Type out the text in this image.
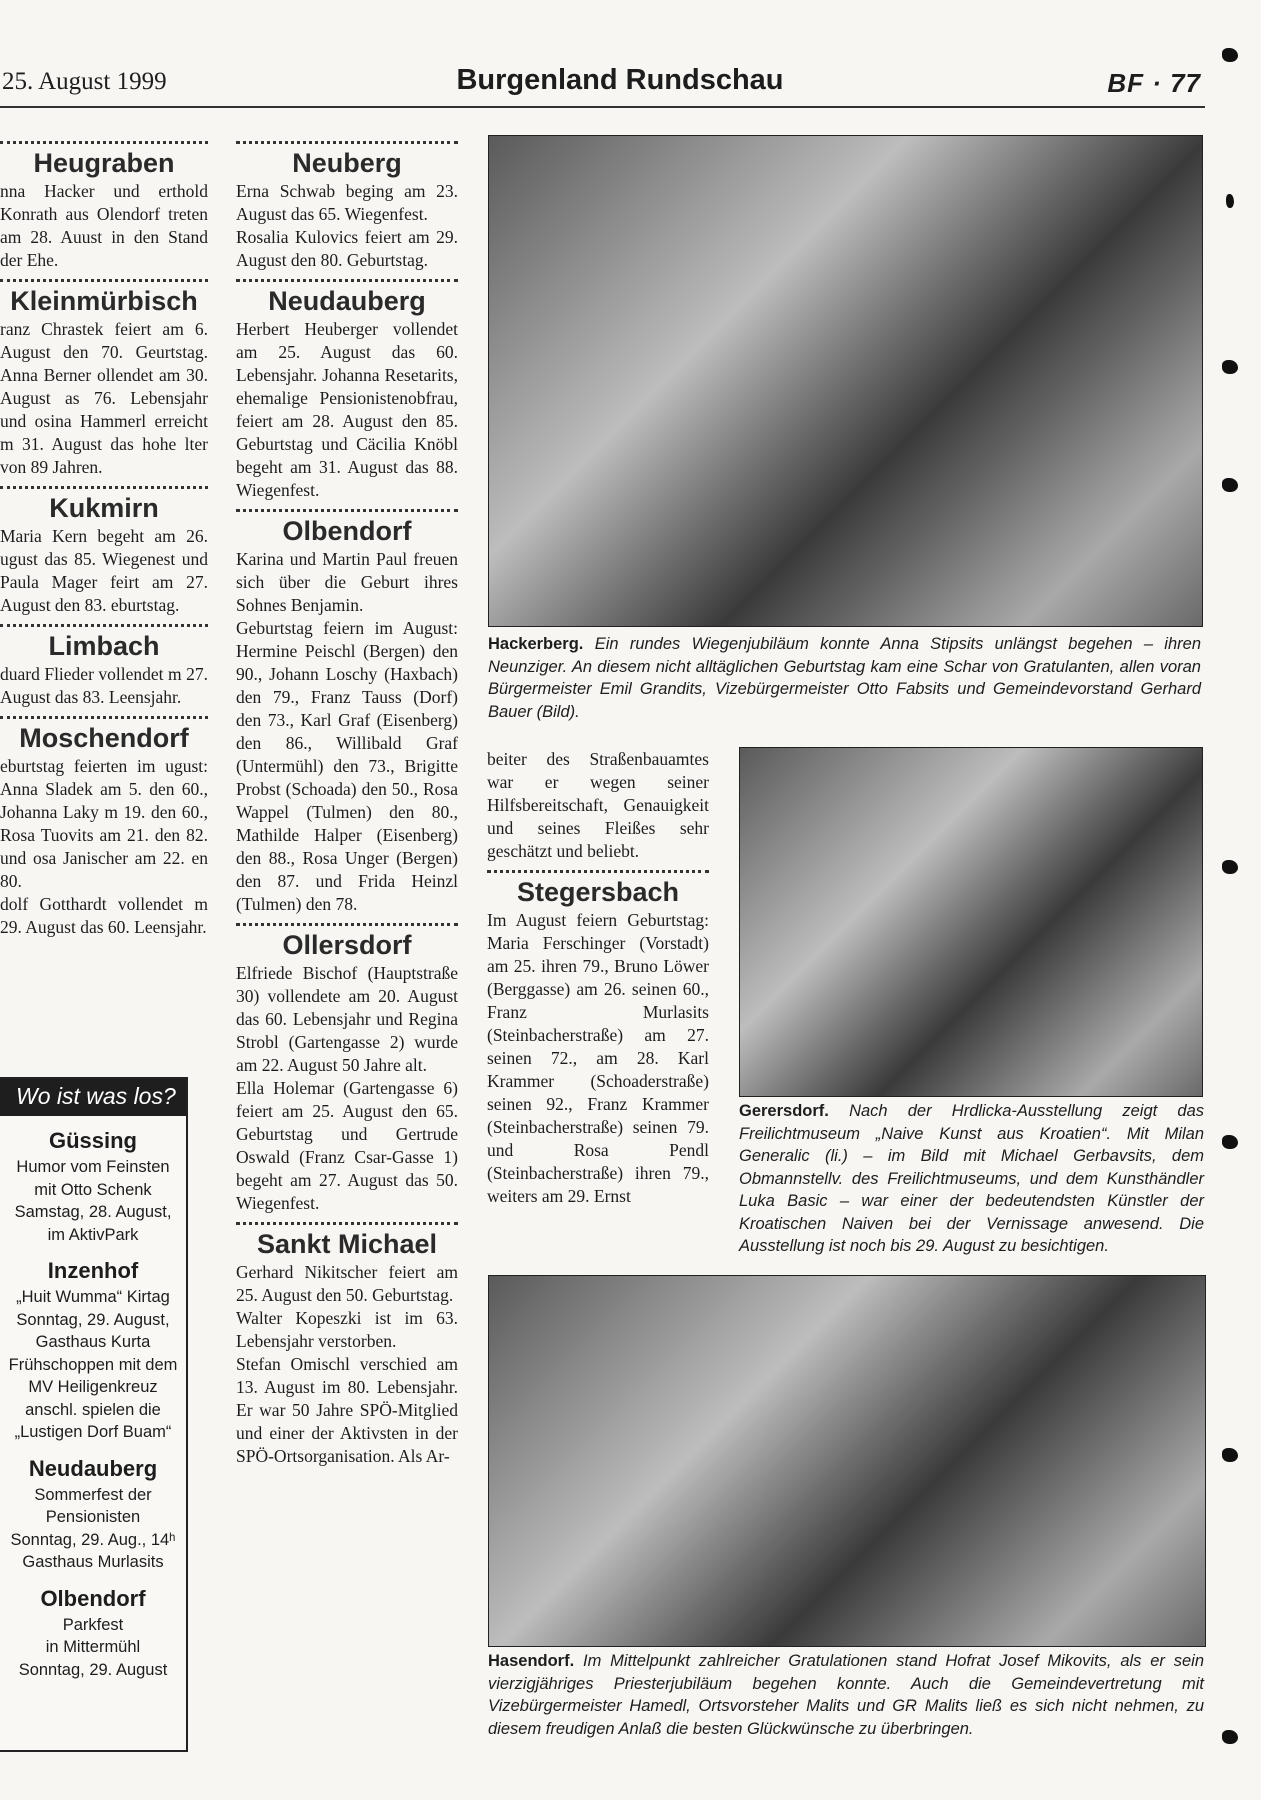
25. August 1999	Burgenland Rundschau	BF · 77
Heugraben

nna Hacker und erthold Konrath aus Olendorf treten am 28. Auust in den Stand der Ehe.

Kleinmürbisch

ranz Chrastek feiert am 6. August den 70. Geurtstag. Anna Berner ollendet am 30. August as 76. Lebensjahr und osina Hammerl erreicht m 31. August das hohe lter von 89 Jahren.

Kukmirn

Maria Kern begeht am 26. ugust das 85. Wiegenest und Paula Mager feirt am 27. August den 83. eburtstag.

Limbach

duard Flieder vollendet m 27. August das 83. Leensjahr.

Moschendorf

eburtstag feierten im ugust: Anna Sladek am 5. den 60., Johanna Laky m 19. den 60., Rosa Tuovits am 21. den 82. und osa Janischer am 22. en 80.

dolf Gotthardt vollendet m 29. August das 60. Leensjahr.

Neuberg

Erna Schwab beging am 23. August das 65. Wiegenfest.

Rosalia Kulovics feiert am 29. August den 80. Geburtstag.

Neudauberg

Herbert Heuberger vollendet am 25. August das 60. Lebensjahr. Johanna Resetarits, ehemalige Pensionistenobfrau, feiert am 28. August den 85. Geburtstag und Cäcilia Knöbl begeht am 31. August das 88. Wiegenfest.

Olbendorf

Karina und Martin Paul freuen sich über die Geburt ihres Sohnes Benjamin.

Geburtstag feiern im August: Hermine Peischl (Bergen) den 90., Johann Loschy (Haxbach) den 79., Franz Tauss (Dorf) den 73., Karl Graf (Eisenberg) den 86., Willibald Graf (Untermühl) den 73., Brigitte Probst (Schoada) den 50., Rosa Wappel (Tulmen) den 80., Mathilde Halper (Eisenberg) den 88., Rosa Unger (Bergen) den 87. und Frida Heinzl (Tulmen) den 78.

Ollersdorf

Elfriede Bischof (Hauptstraße 30) vollendete am 20. August das 60. Lebensjahr und Regina Strobl (Gartengasse 2) wurde am 22. August 50 Jahre alt.

Ella Holemar (Gartengasse 6) feiert am 25. August den 65. Geburtstag und Gertrude Oswald (Franz Csar-Gasse 1) begeht am 27. August das 50. Wiegenfest.

Sankt Michael

Gerhard Nikitscher feiert am 25. August den 50. Geburtstag.

Walter Kopeszki ist im 63. Lebensjahr verstorben.

Stefan Omischl verschied am 13. August im 80. Lebensjahr. Er war 50 Jahre SPÖ-Mitglied und einer der Aktivsten in der SPÖ-Ortsorganisation. Als Ar-

beiter des Straßenbauamtes war er wegen seiner Hilfsbereitschaft, Genauigkeit und seines Fleißes sehr geschätzt und beliebt.

Stegersbach

Im August feiern Geburtstag: Maria Ferschinger (Vorstadt) am 25. ihren 79., Bruno Löwer (Berggasse) am 26. seinen 60., Franz Murlasits (Steinbacherstraße) am 27. seinen 72., am 28. Karl Krammer (Schoaderstraße) seinen 92., Franz Krammer (Steinbacherstraße) seinen 79. und Rosa Pendl (Steinbacherstraße) ihren 79., weiters am 29. Ernst

Hackerberg. Ein rundes Wiegenjubiläum konnte Anna Stipsits unlängst begehen – ihren Neunziger. An diesem nicht alltäglichen Geburtstag kam eine Schar von Gratulanten, allen voran Bürgermeister Emil Grandits, Vizebürgermeister Otto Fabsits und Gemeindevorstand Gerhard Bauer (Bild).
Gerersdorf. Nach der Hrdlicka-Ausstellung zeigt das Freilichtmuseum „Naive Kunst aus Kroatien“. Mit Milan Generalic (li.) – im Bild mit Michael Gerbavsits, dem Obmannstellv. des Freilichtmuseums, und dem Kunsthändler Luka Basic – war einer der bedeutendsten Künstler der Kroatischen Naiven bei der Vernissage anwesend. Die Ausstellung ist noch bis 29. August zu besichtigen.
Hasendorf. Im Mittelpunkt zahlreicher Gratulationen stand Hofrat Josef Mikovits, als er sein vierzigjähriges Priesterjubiläum begehen konnte. Auch die Gemeindevertretung mit Vizebürgermeister Hamedl, Ortsvorsteher Malits und GR Malits ließ es sich nicht nehmen, zu diesem freudigen Anlaß die besten Glückwünsche zu überbringen.
Wo ist was los?
Güssing

Humor vom Feinsten

mit Otto Schenk

Samstag, 28. August,

im AktivPark

Inzenhof

„Huit Wumma“ Kirtag

Sonntag, 29. August,

Gasthaus Kurta

Frühschoppen mit dem

MV Heiligenkreuz

anschl. spielen die

„Lustigen Dorf Buam“

Neudauberg

Sommerfest der

Pensionisten

Sonntag, 29. Aug., 14ʰ

Gasthaus Murlasits

Olbendorf

Parkfest

in Mittermühl

Sonntag, 29. August
